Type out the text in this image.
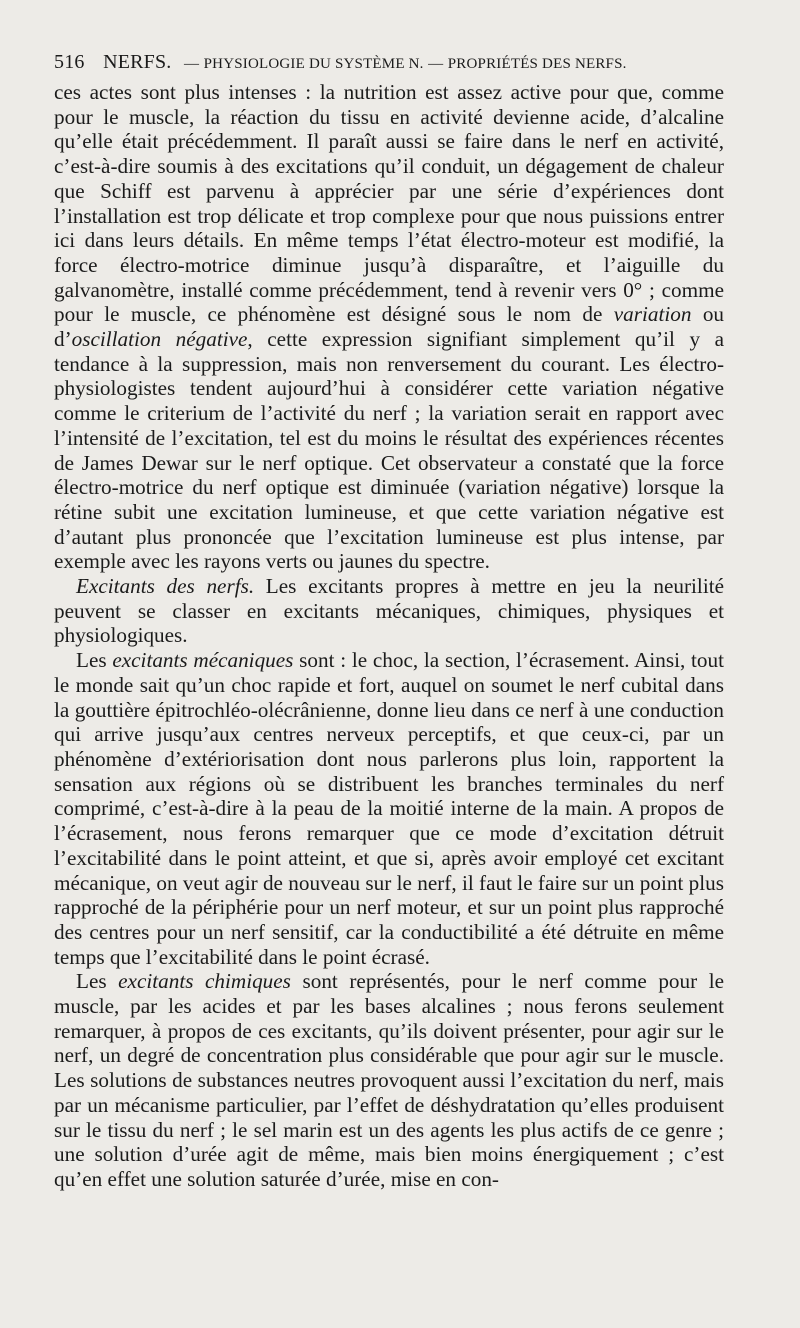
516 NERFS. — PHYSIOLOGIE DU SYSTÈME N. — PROPRIÉTÉS DES NERFS.

ces actes sont plus intenses : la nutrition est assez active pour que, comme pour le muscle, la réaction du tissu en activité devienne acide, d’alcaline qu’elle était précédemment. Il paraît aussi se faire dans le nerf en activité, c’est-à-dire soumis à des excitations qu’il conduit, un dégagement de chaleur que Schiff est parvenu à apprécier par une série d’expériences dont l’installation est trop délicate et trop complexe pour que nous puissions entrer ici dans leurs détails. En même temps l’état électro-moteur est modifié, la force électro-motrice diminue jusqu’à disparaître, et l’aiguille du galvanomètre, installé comme précédemment, tend à revenir vers 0° ; comme pour le muscle, ce phénomène est désigné sous le nom de variation ou d’oscillation négative, cette expression signifiant simplement qu’il y a tendance à la suppression, mais non renversement du courant. Les électro-physiologistes tendent aujourd’hui à considérer cette variation négative comme le criterium de l’activité du nerf ; la variation serait en rapport avec l’intensité de l’excitation, tel est du moins le résultat des expériences récentes de James Dewar sur le nerf optique. Cet observateur a constaté que la force électro-motrice du nerf optique est diminuée (variation négative) lorsque la rétine subit une excitation lumineuse, et que cette variation négative est d’autant plus prononcée que l’excitation lumineuse est plus intense, par exemple avec les rayons verts ou jaunes du spectre.

Excitants des nerfs. Les excitants propres à mettre en jeu la neurilité peuvent se classer en excitants mécaniques, chimiques, physiques et physiologiques.

Les excitants mécaniques sont : le choc, la section, l’écrasement. Ainsi, tout le monde sait qu’un choc rapide et fort, auquel on soumet le nerf cubital dans la gouttière épitrochléo-olécrânienne, donne lieu dans ce nerf à une conduction qui arrive jusqu’aux centres nerveux perceptifs, et que ceux-ci, par un phénomène d’extériorisation dont nous parlerons plus loin, rapportent la sensation aux régions où se distribuent les branches terminales du nerf comprimé, c’est-à-dire à la peau de la moitié interne de la main. A propos de l’écrasement, nous ferons remarquer que ce mode d’excitation détruit l’excitabilité dans le point atteint, et que si, après avoir employé cet excitant mécanique, on veut agir de nouveau sur le nerf, il faut le faire sur un point plus rapproché de la périphérie pour un nerf moteur, et sur un point plus rapproché des centres pour un nerf sensitif, car la conductibilité a été détruite en même temps que l’excitabilité dans le point écrasé.

Les excitants chimiques sont représentés, pour le nerf comme pour le muscle, par les acides et par les bases alcalines ; nous ferons seulement remarquer, à propos de ces excitants, qu’ils doivent présenter, pour agir sur le nerf, un degré de concentration plus considérable que pour agir sur le muscle. Les solutions de substances neutres provoquent aussi l’excitation du nerf, mais par un mécanisme particulier, par l’effet de déshydratation qu’elles produisent sur le tissu du nerf ; le sel marin est un des agents les plus actifs de ce genre ; une solution d’urée agit de même, mais bien moins énergiquement ; c’est qu’en effet une solution saturée d’urée, mise en con-
